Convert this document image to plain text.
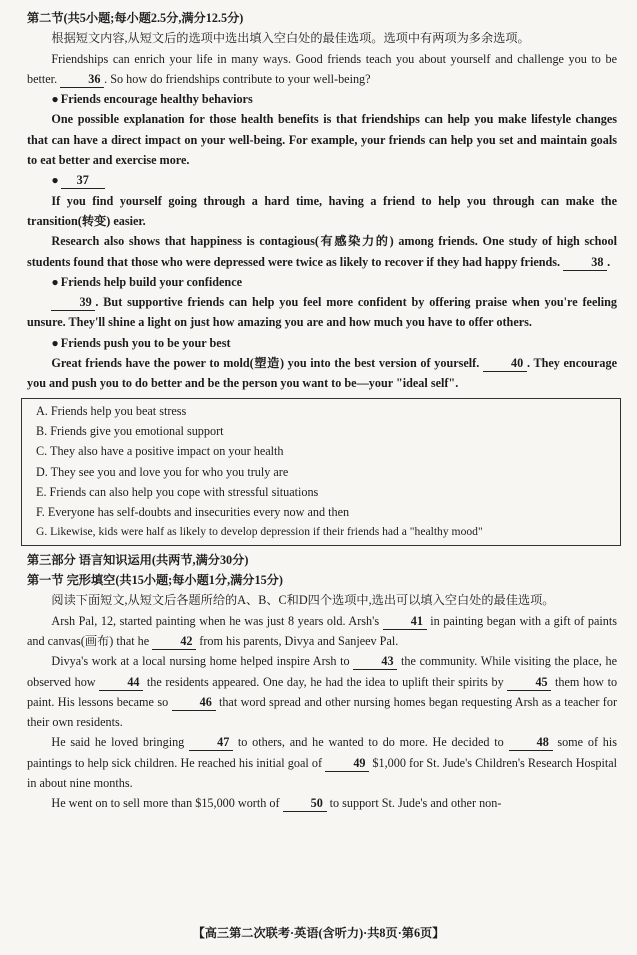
第二节(共5小题;每小题2.5分,满分12.5分)
根据短文内容,从短文后的选项中选出填入空白处的最佳选项。选项中有两项为多余选项。
Friendships can enrich your life in many ways. Good friends teach you about yourself and challenge you to be better.	36 . So how do friendships contribute to your well-being?
● Friends encourage healthy behaviors
One possible explanation for those health benefits is that friendships can help you make lifestyle changes that can have a direct impact on your well-being. For example, your friends can help you set and maintain goals to eat better and exercise more.
● 37
If you find yourself going through a hard time, having a friend to help you through can make the transition(转变) easier.
Research also shows that happiness is contagious(有感染力的) among friends. One study of high school students found that those who were depressed were twice as likely to recover if they had happy friends.	38 .
● Friends help build your confidence
39 . But supportive friends can help you feel more confident by offering praise when you're feeling unsure. They'll shine a light on just how amazing you are and how much you have to offer others.
● Friends push you to be your best
Great friends have the power to mold(塑造) you into the best version of yourself.	40 . They encourage you and push you to do better and be the person you want to be—your "ideal self".
A. Friends help you beat stress
B. Friends give you emotional support
C. They also have a positive impact on your health
D. They see you and love you for who you truly are
E. Friends can also help you cope with stressful situations
F. Everyone has self-doubts and insecurities every now and then
G. Likewise, kids were half as likely to develop depression if their friends had a "healthy mood"
第三部分 语言知识运用(共两节,满分30分)
第一节 完形填空(共15小题;每小题1分,满分15分)
阅读下面短文,从短文后各题所给的A、B、C和D四个选项中,选出可以填入空白处的最佳选项。
Arsh Pal, 12, started painting when he was just 8 years old. Arsh's	41 in painting began with a gift of paints and canvas(画布) that he	42 from his parents, Divya and Sanjeev Pal.
Divya's work at a local nursing home helped inspire Arsh to	43 the community. While visiting the place, he observed how	44 the residents appeared. One day, he had the idea to uplift their spirits by	45 them how to paint. His lessons became so	46 that word spread and other nursing homes began requesting Arsh as a teacher for their own residents.
He said he loved bringing	47 to others, and he wanted to do more. He decided to	48 some of his paintings to help sick children. He reached his initial goal of	49 $1,000 for St. Jude's Children's Research Hospital in about nine months.
He went on to sell more than $15,000 worth of	50 to support St. Jude's and other non-
【高三第二次联考·英语(含听力)·共8页·第6页】
